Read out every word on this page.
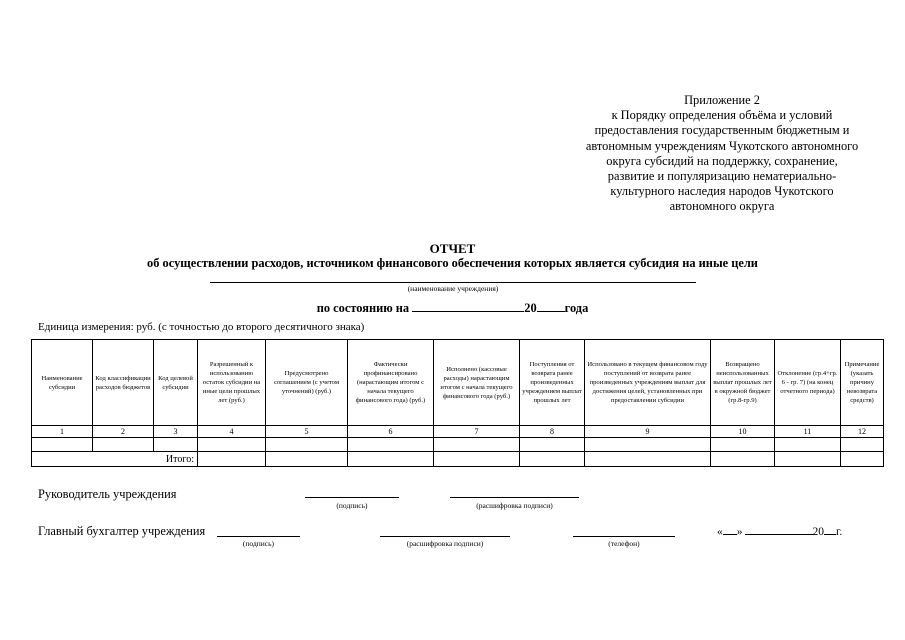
Приложение 2
к Порядку определения объёма и условий
предоставления государственным бюджетным и
автономным учреждениям Чукотского автономного
округа субсидий на поддержку, сохранение,
развитие и популяризацию нематериально-
культурного наследия народов Чукотского
автономного округа
ОТЧЕТ
об осуществлении расходов, источником финансового обеспечения которых является субсидия на иные цели
(наименование учреждения)
по состоянию на	20 года
Единица измерения: руб. (с точностью до второго десятичного знака)
Наименование субсидии	Код классификации расходов бюджетов	Код целевой субсидии	Разрешенный к использованию остаток субсидии на иные цели прошлых лет (руб.)	Предусмотрено соглашением (с учетом уточнений) (руб.)	Фактически профинансировано (нарастающим итогом с начала текущего финансового года) (руб.)	Исполнено (кассовые расходы) нарастающим итогом с начала текущего финансового года (руб.)	Поступления от возврата ранее произведенных учреждением выплат прошлых лет	Использовано в текущем финансовом году поступлений от возврата ранее произведенных учреждениям выплат для достижения целей, установленных при предоставлении субсидии	Возвращено неиспользованных выплат прошлых лет в окружной бюджет (гр.8-гр.9)	Отклонение (гр.4+гр. 6 - гр. 7) (на конец отчетного периода)	Примечание (указать причину невозврата средств)
1	2	3	4	5	6	7	8	9	10	11	12

Итого:											
Руководитель учреждения
(подпись)	(расшифровка подписи)
Главный бухгалтер учреждения
(подпись)	(расшифровка подписи)	(телефон)
« »	20 г.
